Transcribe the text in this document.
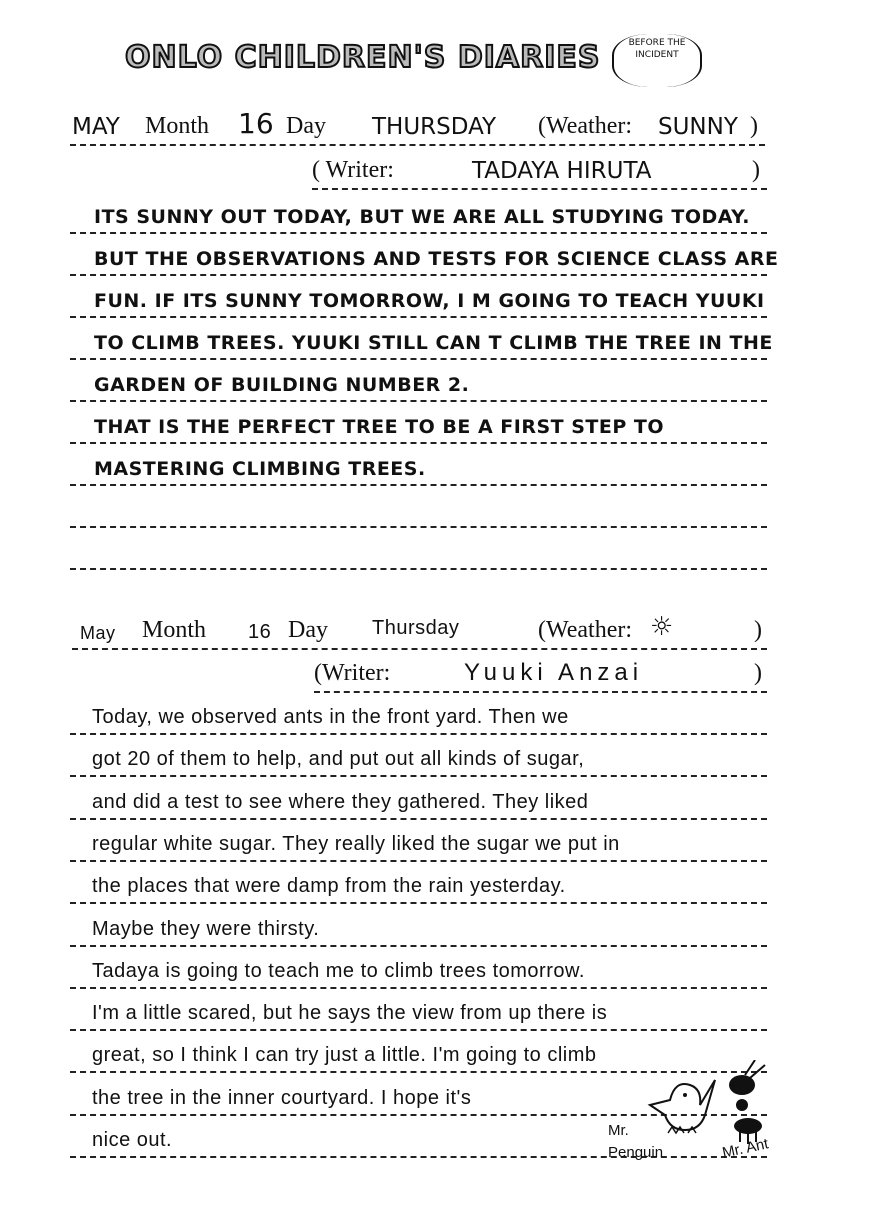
ONLO CHILDREN'S DIARIES	BEFORE THE INCIDENT
MAY Month 16 Day THURSDAY (Weather: SUNNY )
( Writer:	TADAYA HIRUTA	)
ITS SUNNY OUT TODAY, BUT WE ARE ALL STUDYING TODAY.
BUT THE OBSERVATIONS AND TESTS FOR SCIENCE CLASS ARE
FUN. IF ITS SUNNY TOMORROW, I M GOING TO TEACH YUUKI
TO CLIMB TREES. YUUKI STILL CAN T CLIMB THE TREE IN THE
GARDEN OF BUILDING NUMBER 2.
THAT IS THE PERFECT TREE TO BE A FIRST STEP TO
MASTERING CLIMBING TREES.
May Month 16 Day Thursday	(Weather: ☼	)
(Writer:	Yuuki Anzai	)
Today, we observed ants in the front yard. Then we
got 20 of them to help, and put out all kinds of sugar,
and did a test to see where they gathered. They liked
regular white sugar. They really liked the sugar we put in
the places that were damp from the rain yesterday.
Maybe they were thirsty.
Tadaya is going to teach me to climb trees tomorrow.
I'm a little scared, but he says the view from up there is
great, so I think I can try just a little. I'm going to climb
the tree in the inner courtyard. I hope it's
nice out.	Mr. Penguin	Mr. Ant
